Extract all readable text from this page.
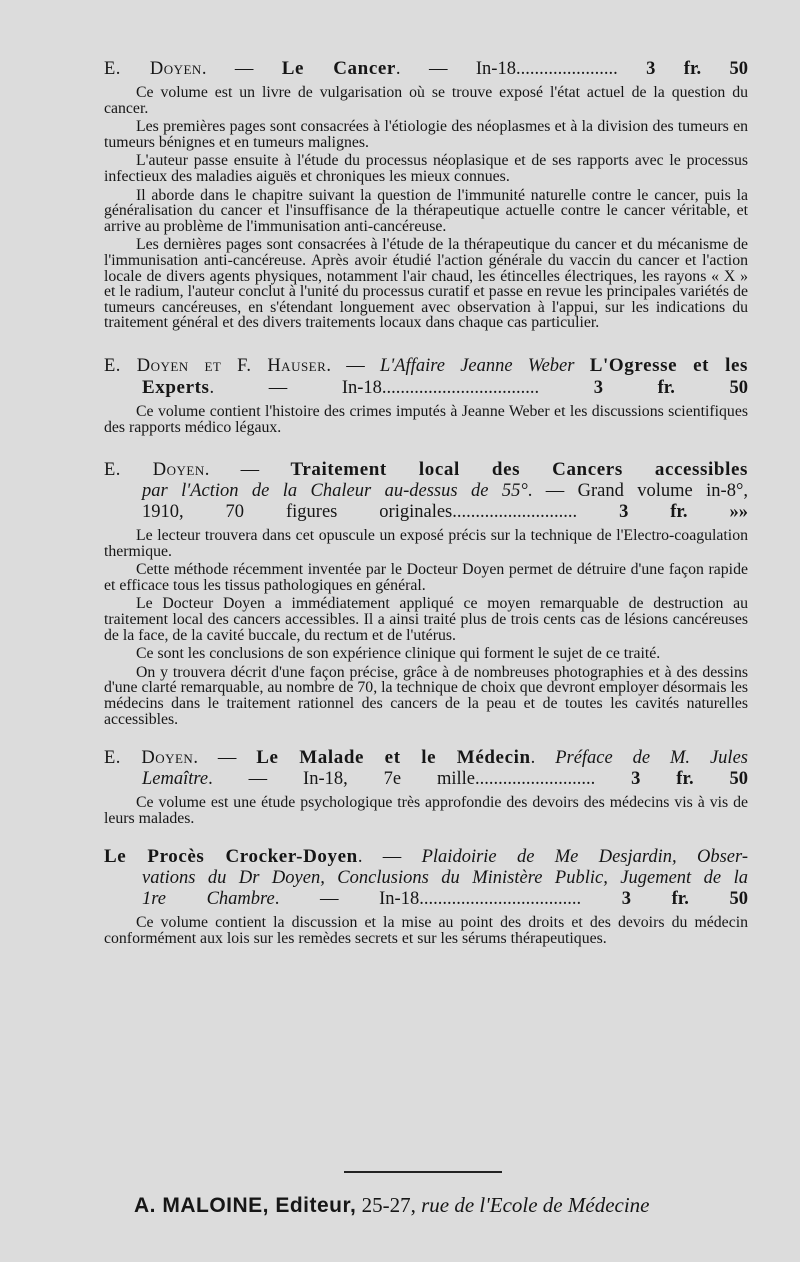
E. Doyen. — Le Cancer. — In-18...................... 3 fr. 50

Ce volume est un livre de vulgarisation où se trouve exposé l'état actuel de la question du cancer.

Les premières pages sont consacrées à l'étiologie des néoplasmes et à la division des tumeurs en tumeurs bénignes et en tumeurs malignes.

L'auteur passe ensuite à l'étude du processus néoplasique et de ses rapports avec le processus infectieux des maladies aiguës et chroniques les mieux connues.

Il aborde dans le chapitre suivant la question de l'immunité naturelle contre le cancer, puis la généralisation du cancer et l'insuffisance de la thérapeutique actuelle contre le cancer véritable, et arrive au problème de l'immunisation anti-cancéreuse.

Les dernières pages sont consacrées à l'étude de la thérapeutique du cancer et du mécanisme de l'immunisation anti-cancéreuse. Après avoir étudié l'action générale du vaccin du cancer et l'action locale de divers agents physiques, notamment l'air chaud, les étincelles électriques, les rayons « X » et le radium, l'auteur conclut à l'unité du processus curatif et passe en revue les principales variétés de tumeurs cancéreuses, en s'étendant longuement avec observation à l'appui, sur les indications du traitement général et des divers traitements locaux dans chaque cas particulier.

E. Doyen et F. Hauser. — L'Affaire Jeanne Weber L'Ogresse et les

Experts. — In-18.................................. 3 fr. 50

Ce volume contient l'histoire des crimes imputés à Jeanne Weber et les discussions scientifiques des rapports médico légaux.

E. Doyen. — Traitement local des Cancers accessibles

par l'Action de la Chaleur au-dessus de 55°. — Grand volume in-8°,

1910, 70 figures originales........................... 3 fr. »»

Le lecteur trouvera dans cet opuscule un exposé précis sur la technique de l'Electro-coagulation thermique.

Cette méthode récemment inventée par le Docteur Doyen permet de détruire d'une façon rapide et efficace tous les tissus pathologiques en général.

Le Docteur Doyen a immédiatement appliqué ce moyen remarquable de destruction au traitement local des cancers accessibles. Il a ainsi traité plus de trois cents cas de lésions cancéreuses de la face, de la cavité buccale, du rectum et de l'utérus.

Ce sont les conclusions de son expérience clinique qui forment le sujet de ce traité.

On y trouvera décrit d'une façon précise, grâce à de nombreuses photographies et à des dessins d'une clarté remarquable, au nombre de 70, la technique de choix que devront employer désormais les médecins dans le traitement rationnel des cancers de la peau et de toutes les cavités naturelles accessibles.

E. Doyen. — Le Malade et le Médecin. Préface de M. Jules

Lemaître. — In-18, 7e mille.......................... 3 fr. 50

Ce volume est une étude psychologique très approfondie des devoirs des médecins vis à vis de leurs malades.

Le Procès Crocker-Doyen. — Plaidoirie de Me Desjardin, Obser-

vations du Dr Doyen, Conclusions du Ministère Public, Jugement de la

1re Chambre. — In-18................................... 3 fr. 50

Ce volume contient la discussion et la mise au point des droits et des devoirs du médecin conformément aux lois sur les remèdes secrets et sur les sérums thérapeutiques.

A. MALOINE, Editeur, 25-27, rue de l'Ecole de Médecine
